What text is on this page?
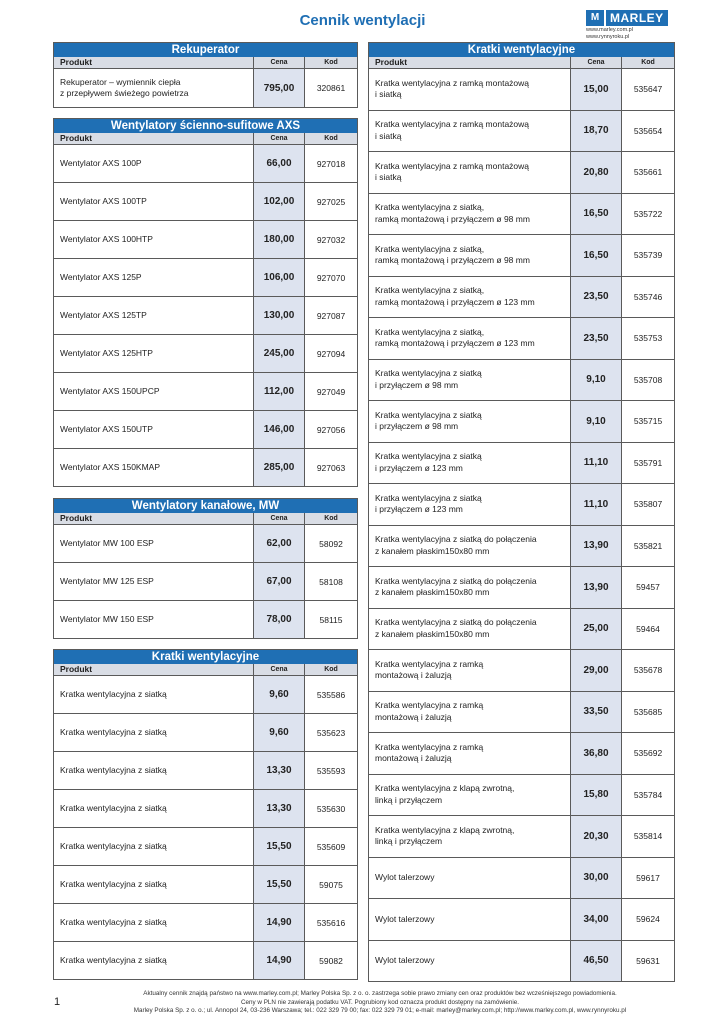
Cennik wentylacji	M MARLEY
www.marley.com.pl
www.rynnyroku.pl
Rekuperator
Produkt	Cena	Kod
Rekuperator – wymiennik ciepła
z przepływem świeżego powietrza	795,00	320861
Wentylatory ścienno-sufitowe AXS
Produkt	Cena	Kod
Wentylator AXS 100P	66,00	927018
Wentylator AXS 100TP	102,00	927025
Wentylator AXS 100HTP	180,00	927032
Wentylator AXS 125P	106,00	927070
Wentylator AXS 125TP	130,00	927087
Wentylator AXS 125HTP	245,00	927094
Wentylator AXS 150UPCP	112,00	927049
Wentylator AXS 150UTP	146,00	927056
Wentylator AXS 150KMAP	285,00	927063
Wentylatory kanałowe, MW
Produkt	Cena	Kod
Wentylator MW 100 ESP	62,00	58092
Wentylator MW 125 ESP	67,00	58108
Wentylator MW 150 ESP	78,00	58115
Kratki wentylacyjne
Produkt	Cena	Kod
Kratka wentylacyjna z siatką	9,60	535586
Kratka wentylacyjna z siatką	9,60	535623
Kratka wentylacyjna z siatką	13,30	535593
Kratka wentylacyjna z siatką	13,30	535630
Kratka wentylacyjna z siatką	15,50	535609
Kratka wentylacyjna z siatką	15,50	59075
Kratka wentylacyjna z siatką	14,90	535616
Kratka wentylacyjna z siatką	14,90	59082
Kratki wentylacyjne
Produkt	Cena	Kod
Kratka wentylacyjna z ramką montażową
i siatką	15,00	535647
Kratka wentylacyjna z ramką montażową
i siatką	18,70	535654
Kratka wentylacyjna z ramką montażową
i siatką	20,80	535661
Kratka wentylacyjna z siatką,
ramką montażową i przyłączem ø 98 mm	16,50	535722
Kratka wentylacyjna z siatką,
ramką montażową i przyłączem ø 98 mm	16,50	535739
Kratka wentylacyjna z siatką,
ramką montażową i przyłączem ø 123 mm	23,50	535746
Kratka wentylacyjna z siatką,
ramką montażową i przyłączem ø 123 mm	23,50	535753
Kratka wentylacyjna z siatką
i przyłączem ø 98 mm	9,10	535708
Kratka wentylacyjna z siatką
i przyłączem ø 98 mm	9,10	535715
Kratka wentylacyjna z siatką
i przyłączem ø 123 mm	11,10	535791
Kratka wentylacyjna z siatką
i przyłączem ø 123 mm	11,10	535807
Kratka wentylacyjna z siatką do połączenia
z kanałem płaskim150x80 mm	13,90	535821
Kratka wentylacyjna z siatką do połączenia
z kanałem płaskim150x80 mm	13,90	59457
Kratka wentylacyjna z siatką do połączenia
z kanałem płaskim150x80 mm	25,00	59464
Kratka wentylacyjna z ramką
montażową i żaluzją	29,00	535678
Kratka wentylacyjna z ramką
montażową i żaluzją	33,50	535685
Kratka wentylacyjna z ramką
montażową i żaluzją	36,80	535692
Kratka wentylacyjna z klapą zwrotną,
linką i przyłączem	15,80	535784
Kratka wentylacyjna z klapą zwrotną,
linką i przyłączem	20,30	535814
Wylot talerzowy	30,00	59617
Wylot talerzowy	34,00	59624
Wylot talerzowy	46,50	59631
1
Aktualny cennik znajdą państwo na www.marley.com.pl; Marley Polska Sp. z o. o. zastrzega sobie prawo zmiany cen oraz produktów bez wcześniejszego powiadomienia.
Ceny w PLN nie zawierają podatku VAT. Pogrubiony kod oznacza produkt dostępny na zamówienie.
Marley Polska Sp. z o. o.; ul. Annopol 24, 03-236 Warszawa; tel.: 022 329 79 00; fax: 022 329 79 01; e-mail: marley@marley.com.pl; http://www.marley.com.pl, www.rynnyroku.pl
